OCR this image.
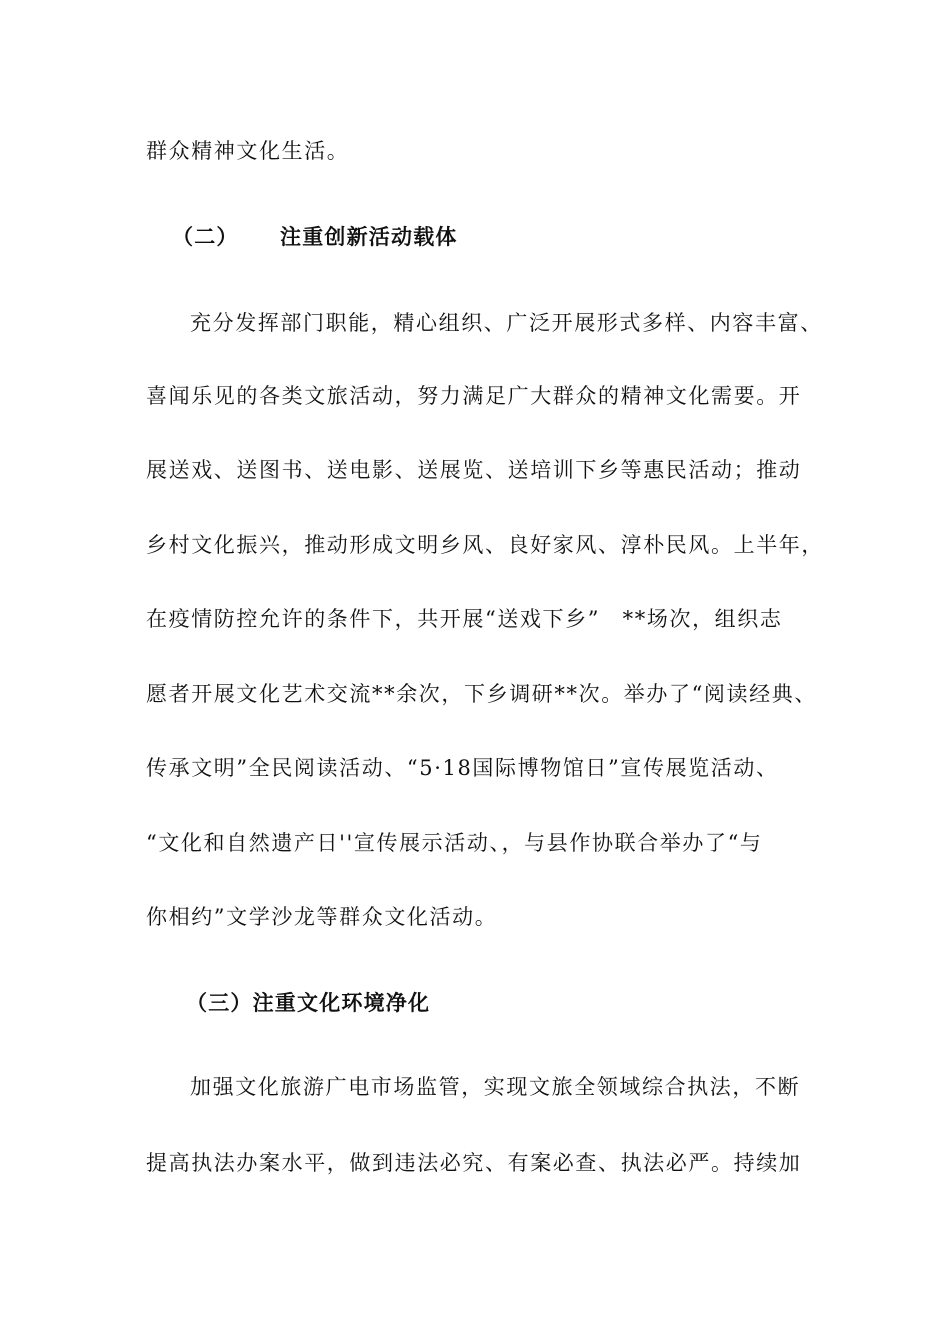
群众精神文化生活。
（二） 注重创新活动载体
充分发挥部门职能，精心组织、广泛开展形式多样、内容丰富、
喜闻乐见的各类文旅活动，努力满足广大群众的精神文化需要。开
展送戏、送图书、送电影、送展览、送培训下乡等惠民活动；推动
乡村文化振兴，推动形成文明乡风、良好家风、淳朴民风。上半年，
在疫情防控允许的条件下，共开展“送戏下乡”　**场次，组织志
愿者开展文化艺术交流**余次，下乡调研**次。举办了“阅读经典、
传承文明”全民阅读活动、“5·18国际博物馆日”宣传展览活动、
“文化和自然遗产日''宣传展示活动、，与县作协联合举办了“与
你相约”文学沙龙等群众文化活动。
（三）注重文化环境净化
加强文化旅游广电市场监管，实现文旅全领域综合执法，不断
提高执法办案水平，做到违法必究、有案必查、执法必严。持续加
